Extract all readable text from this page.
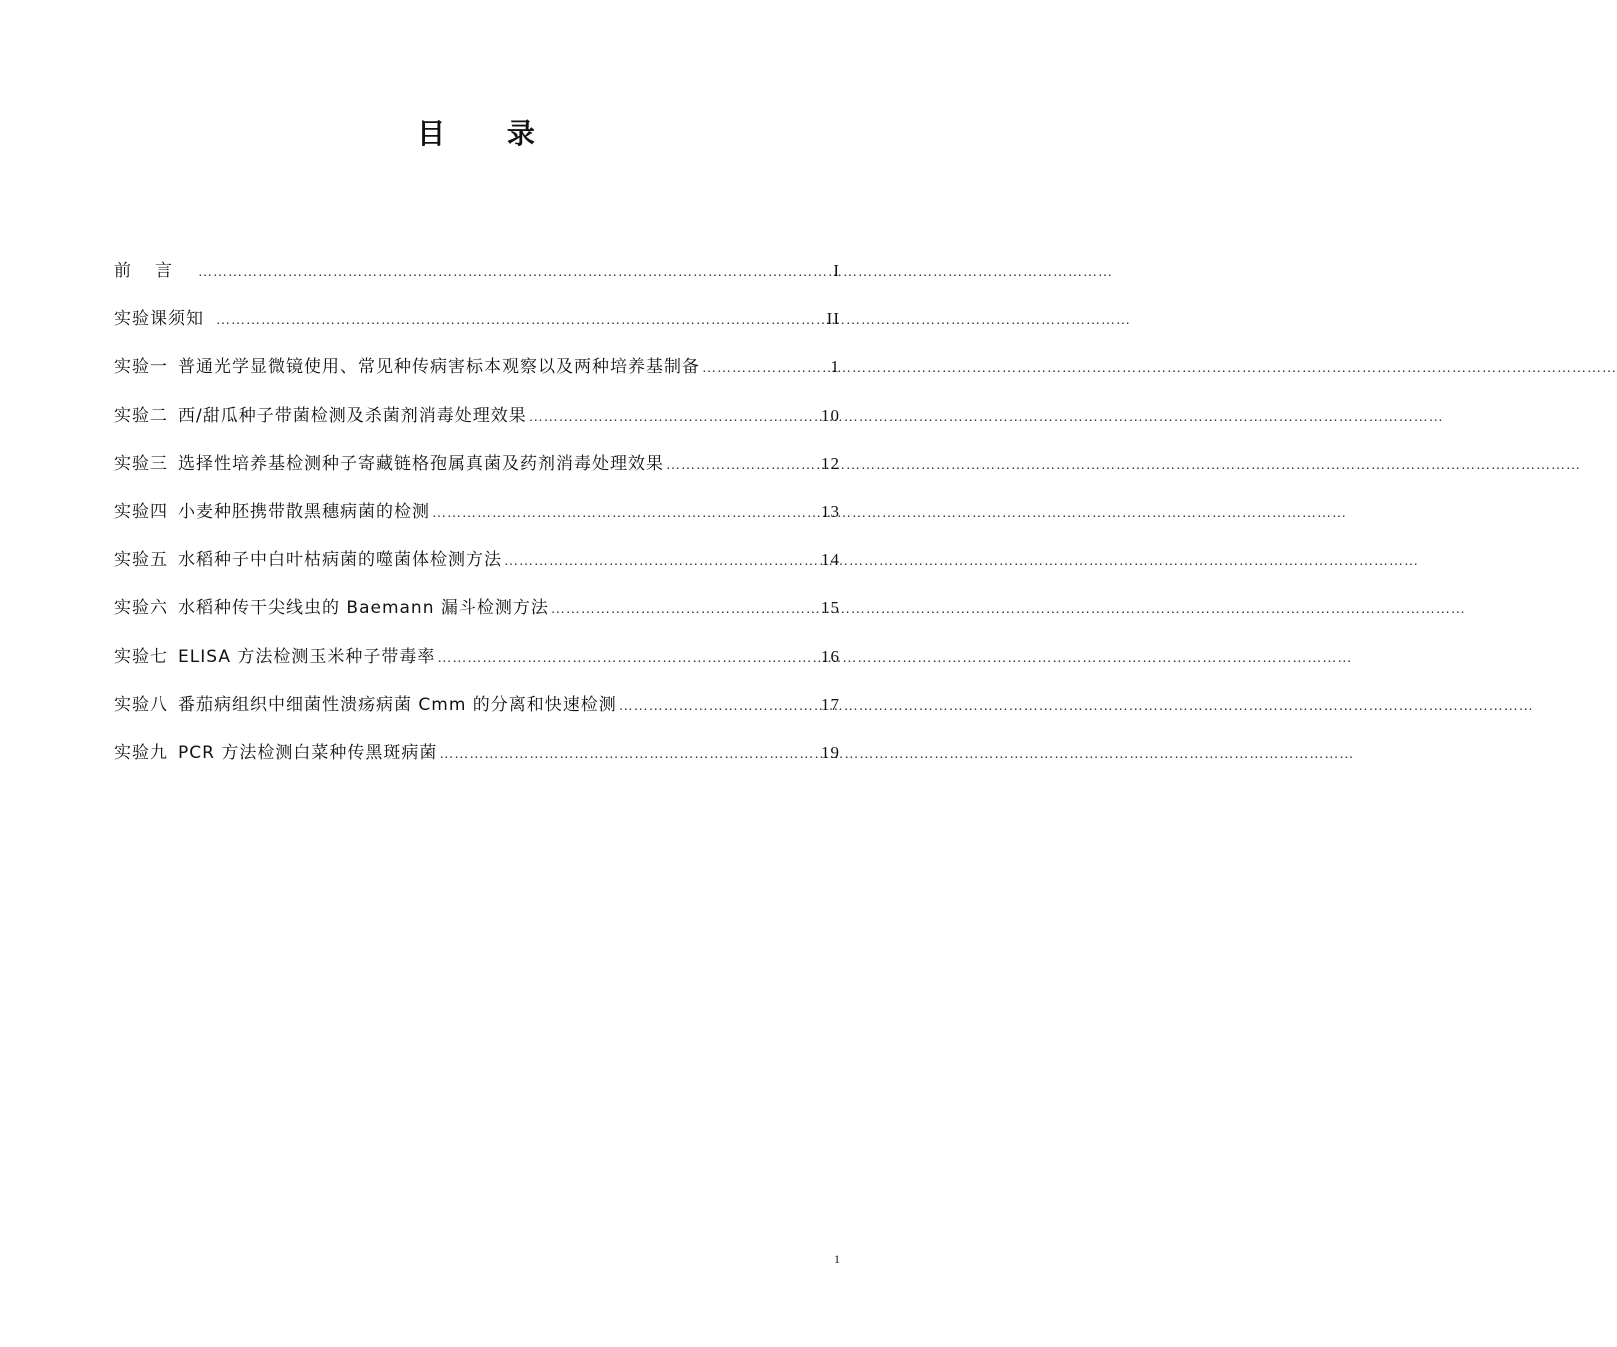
目 录
前言 …………………………………………………………………………………………………………………………………………………………………	I
实验课须知 …………………………………………………………………………………………………………………………………………………………………	II
实验一 普通光学显微镜使用、常见种传病害标本观察以及两种培养基制备 …………………………………………………………………………………………………………………………………………………………………	1
实验二 西/甜瓜种子带菌检测及杀菌剂消毒处理效果 …………………………………………………………………………………………………………………………………………………………………	10
实验三 选择性培养基检测种子寄藏链格孢属真菌及药剂消毒处理效果 …………………………………………………………………………………………………………………………………………………………………	12
实验四 小麦种胚携带散黑穗病菌的检测 …………………………………………………………………………………………………………………………………………………………………	13
实验五 水稻种子中白叶枯病菌的噬菌体检测方法 …………………………………………………………………………………………………………………………………………………………………	14
实验六 水稻种传干尖线虫的 Baemann 漏斗检测方法 …………………………………………………………………………………………………………………………………………………………………	15
实验七 ELISA 方法检测玉米种子带毒率 …………………………………………………………………………………………………………………………………………………………………	16
实验八 番茄病组织中细菌性溃疡病菌 Cmm 的分离和快速检测 …………………………………………………………………………………………………………………………………………………………………	17
实验九 PCR 方法检测白菜种传黑斑病菌 …………………………………………………………………………………………………………………………………………………………………	19
1
